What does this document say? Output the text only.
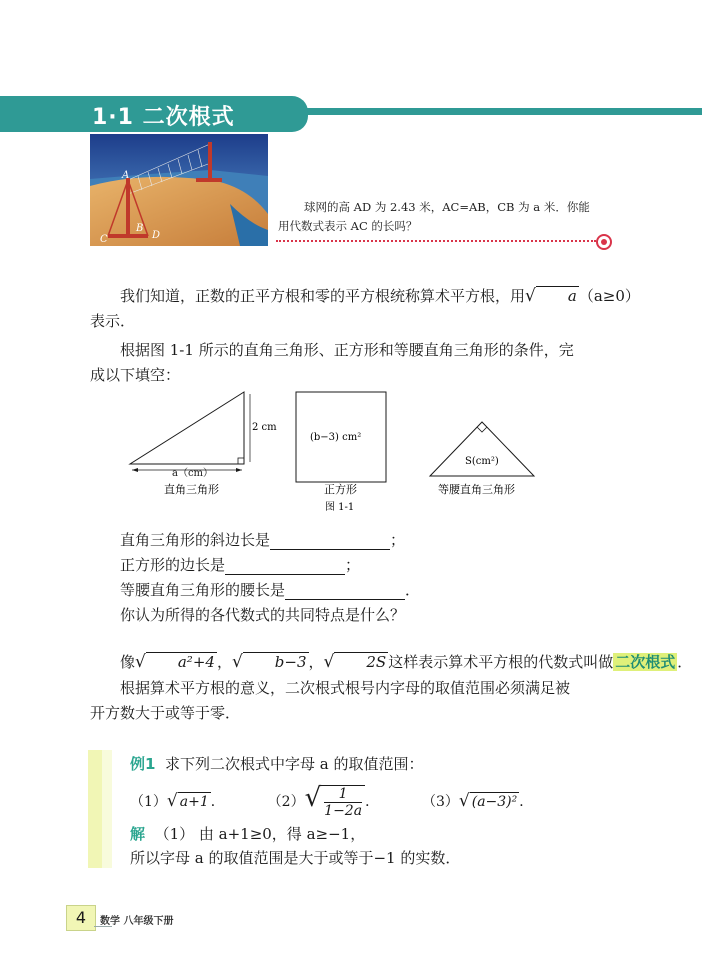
1·1 二次根式
A
B
C	D
球网的高 AD 为 2.43 米，AC=AB，CB 为 a 米．你能用代数式表示 AC 的长吗？
我们知道，正数的正平方根和零的平方根统称算术平方根，用√ a （a≥0）
表示．
根据图 1-1 所示的直角三角形、正方形和等腰直角三角形的条件，完
成以下填空：
2 cm
a（cm）
直角三角形
(b−3) cm²
正方形
S(cm²)
等腰直角三角形
图 1-1
直角三角形的斜边长是	；
正方形的边长是	；
等腰直角三角形的腰长是	．
你认为所得的各代数式的共同特点是什么？
像√ a²+4 ，√ b−3 ，√ 2S 这样表示算术平方根的代数式叫做 二次根式 ．
根据算术平方根的意义，二次根式根号内字母的取值范围必须满足被
开方数大于或等于零．
例1 求下列二次根式中字母 a 的取值范围：
（1）√ a+1 ．	$(2)√ \frac{1}{1-2a}$ ．	（3）√ (a−3)² ．
解 （1） 由 a+1≥0，得 a≥−1，
所以字母 a 的取值范围是大于或等于−1 的实数．
4	数学 八年级下册
